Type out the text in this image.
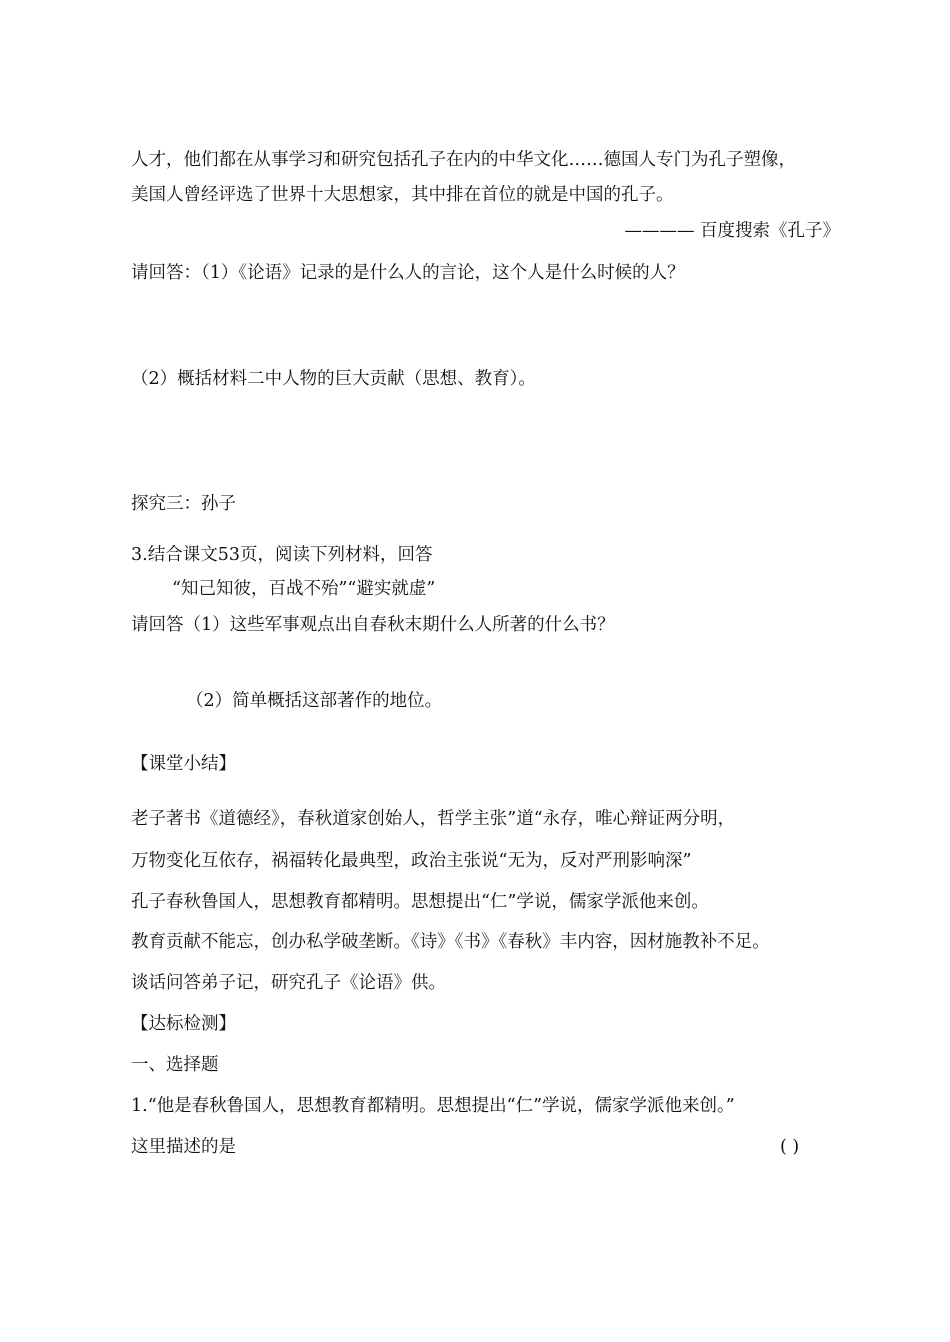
人才，他们都在从事学习和研究包括孔子在内的中华文化……德国人专门为孔子塑像，
美国人曾经评选了世界十大思想家，其中排在首位的就是中国的孔子。
———— 百度搜索《孔子》
请回答：（1）《论语》记录的是什么人的言论，这个人是什么时候的人？
（2）概括材料二中人物的巨大贡献（思想、教育）。
探究三：孙子
3.结合课文53页，阅读下列材料，回答
“知己知彼，百战不殆”“避实就虚”
请回答（1）这些军事观点出自春秋末期什么人所著的什么书？
（2）简单概括这部著作的地位。
【课堂小结】
老子著书《道德经》，春秋道家创始人，哲学主张”道“永存，唯心辩证两分明，
万物变化互依存，祸福转化最典型，政治主张说“无为，反对严刑影响深”
孔子春秋鲁国人，思想教育都精明。思想提出“仁”学说，儒家学派他来创。
教育贡献不能忘，创办私学破垄断。《诗》《书》《春秋》丰内容，因材施教补不足。
谈话问答弟子记，研究孔子《论语》供。
【达标检测】
一、选择题
1.“他是春秋鲁国人，思想教育都精明。思想提出“仁”学说，儒家学派他来创。”
这里描述的是	( )
